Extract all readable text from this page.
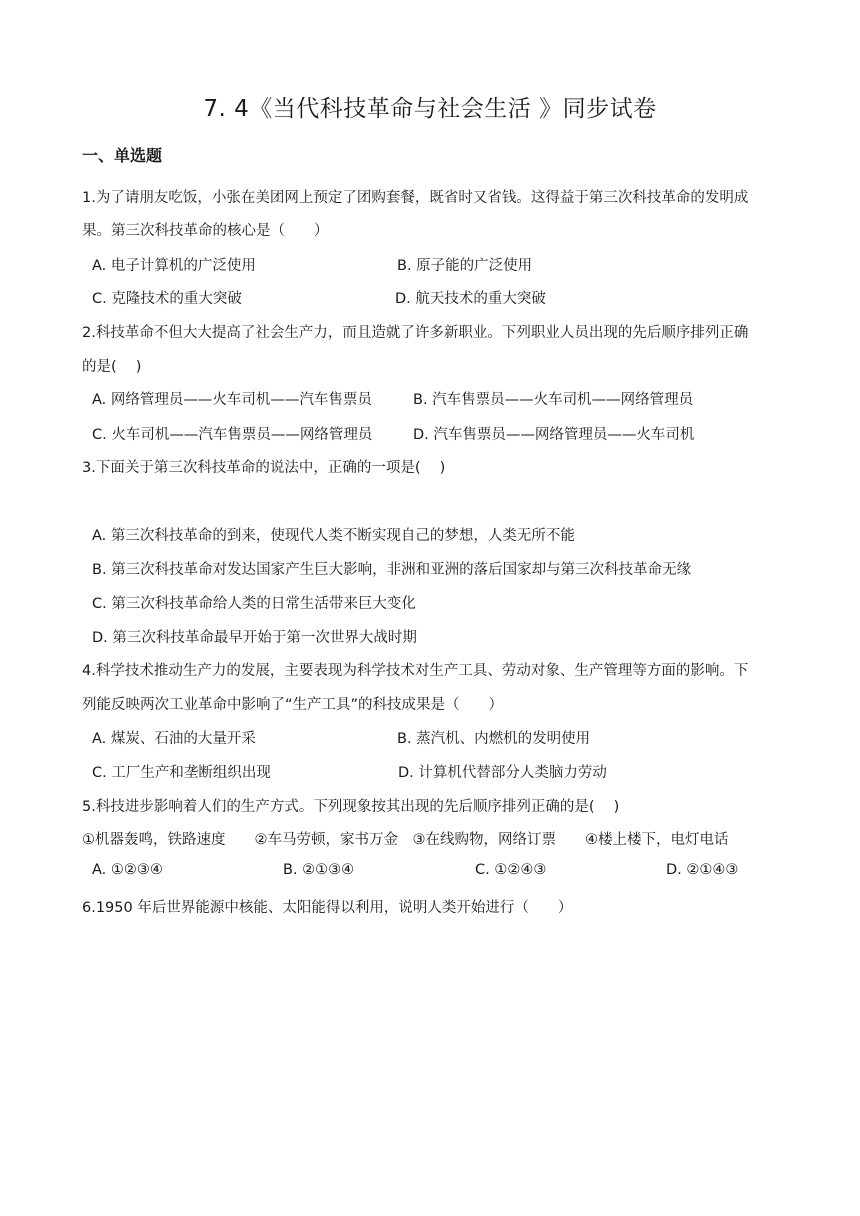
7. 4《当代科技革命与社会生活 》同步试卷
一、单选题
1.为了请朋友吃饭，小张在美团网上预定了团购套餐，既省时又省钱。这得益于第三次科技革命的发明成
果。第三次科技革命的核心是（　　）
A. 电子计算机的广泛使用	B. 原子能的广泛使用
C. 克隆技术的重大突破	D. 航天技术的重大突破
2.科技革命不但大大提高了社会生产力，而且造就了许多新职业。下列职业人员出现的先后顺序排列正确
的是(　 )
A. 网络管理员——火车司机——汽车售票员	B. 汽车售票员——火车司机——网络管理员
C. 火车司机——汽车售票员——网络管理员	D. 汽车售票员——网络管理员——火车司机
3.下面关于第三次科技革命的说法中，正确的一项是(　 )
A. 第三次科技革命的到来，使现代人类不断实现自己的梦想，人类无所不能
B. 第三次科技革命对发达国家产生巨大影响，非洲和亚洲的落后国家却与第三次科技革命无缘
C. 第三次科技革命给人类的日常生活带来巨大变化
D. 第三次科技革命最早开始于第一次世界大战时期
4.科学技术推动生产力的发展，主要表现为科学技术对生产工具、劳动对象、生产管理等方面的影响。下
列能反映两次工业革命中影响了“生产工具”的科技成果是（　　）
A. 煤炭、石油的大量开采	B. 蒸汽机、内燃机的发明使用
C. 工厂生产和垄断组织出现	D. 计算机代替部分人类脑力劳动
5.科技进步影响着人们的生产方式。下列现象按其出现的先后顺序排列正确的是(　 )
①机器轰鸣，铁路速度　　②车马劳顿，家书万金　③在线购物，网络订票　　④楼上楼下，电灯电话
A. ①②③④	B. ②①③④	C. ①②④③	D. ②①④③
6.1950 年后世界能源中核能、太阳能得以利用，说明人类开始进行（　　）
